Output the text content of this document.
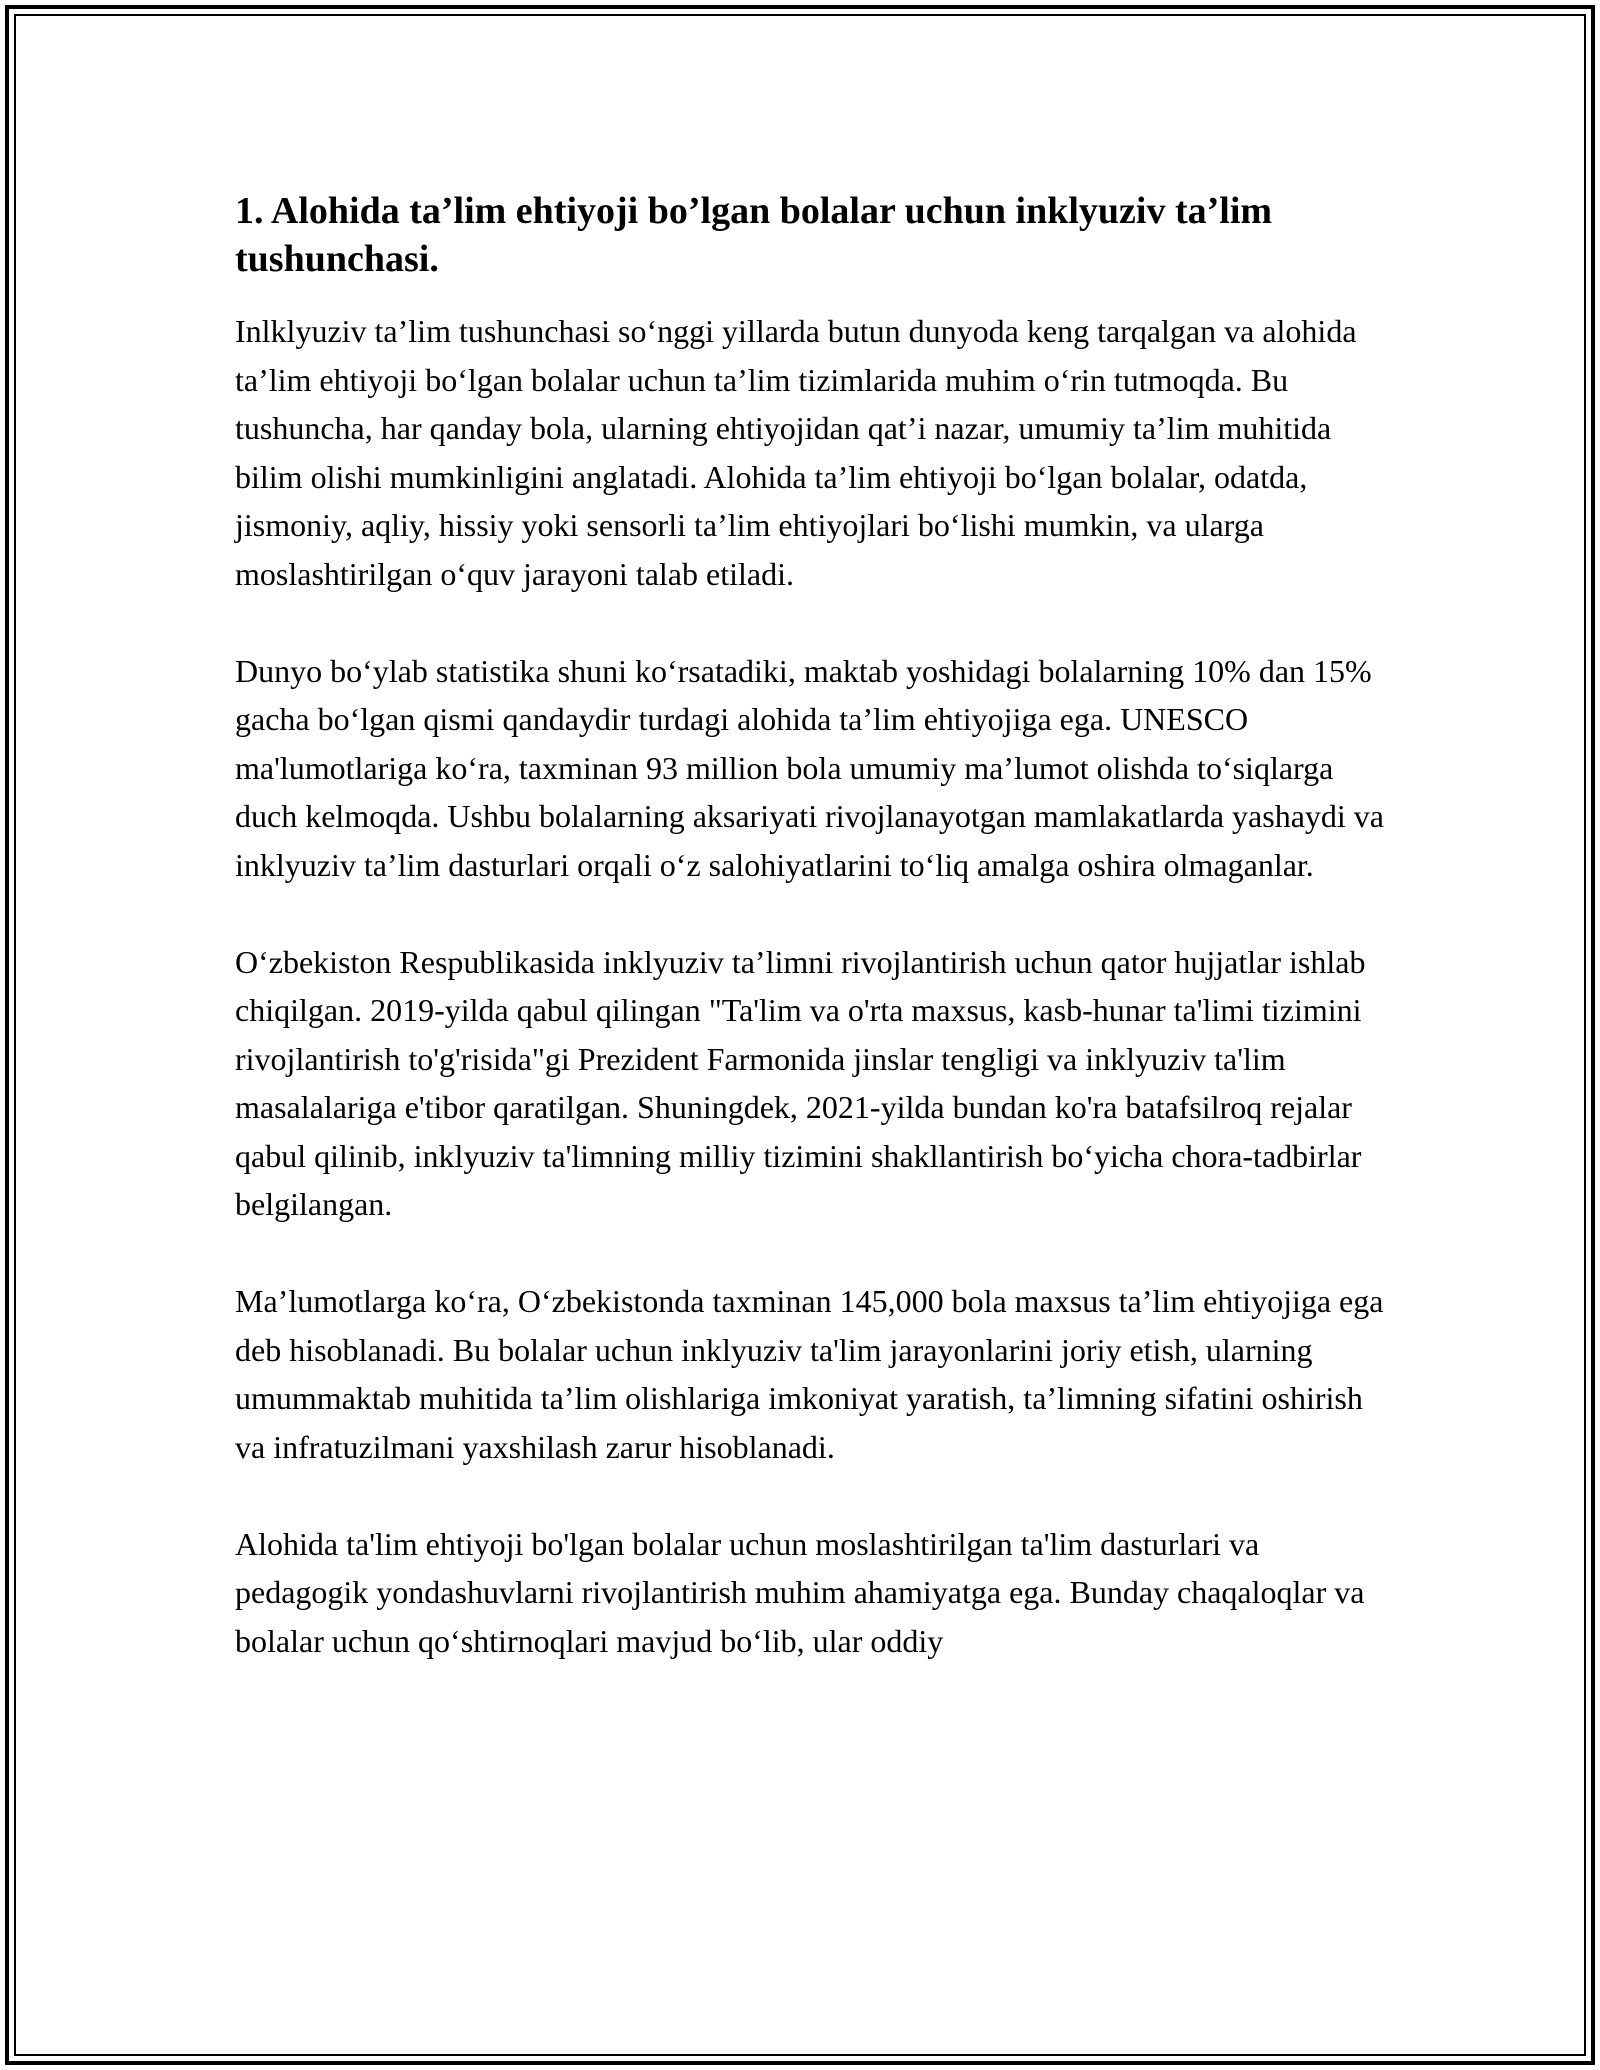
1. Alohida ta’lim ehtiyoji bo’lgan bolalar uchun inklyuziv ta’lim tushunchasi.

Inlklyuziv ta’lim tushunchasi so‘nggi yillarda butun dunyoda keng tarqalgan va alohida ta’lim ehtiyoji bo‘lgan bolalar uchun ta’lim tizimlarida muhim o‘rin tutmoqda. Bu tushuncha, har qanday bola, ularning ehtiyojidan qat’i nazar, umumiy ta’lim muhitida bilim olishi mumkinligini anglatadi. Alohida ta’lim ehtiyoji bo‘lgan bolalar, odatda, jismoniy, aqliy, hissiy yoki sensorli ta’lim ehtiyojlari bo‘lishi mumkin, va ularga moslashtirilgan o‘quv jarayoni talab etiladi.

Dunyo bo‘ylab statistika shuni ko‘rsatadiki, maktab yoshidagi bolalarning 10% dan 15% gacha bo‘lgan qismi qandaydir turdagi alohida ta’lim ehtiyojiga ega. UNESCO ma'lumotlariga ko‘ra, taxminan 93 million bola umumiy ma’lumot olishda to‘siqlarga duch kelmoqda. Ushbu bolalarning aksariyati rivojlanayotgan mamlakatlarda yashaydi va inklyuziv ta’lim dasturlari orqali o‘z salohiyatlarini to‘liq amalga oshira olmaganlar.

O‘zbekiston Respublikasida inklyuziv ta’limni rivojlantirish uchun qator hujjatlar ishlab chiqilgan. 2019-yilda qabul qilingan "Ta'lim va o'rta maxsus, kasb-hunar ta'limi tizimini rivojlantirish to'g'risida"gi Prezident Farmonida jinslar tengligi va inklyuziv ta'lim masalalariga e'tibor qaratilgan. Shuningdek, 2021-yilda bundan ko'ra batafsilroq rejalar qabul qilinib, inklyuziv ta'limning milliy tizimini shakllantirish bo‘yicha chora-tadbirlar belgilangan.

Ma’lumotlarga ko‘ra, O‘zbekistonda taxminan 145,000 bola maxsus ta’lim ehtiyojiga ega deb hisoblanadi. Bu bolalar uchun inklyuziv ta'lim jarayonlarini joriy etish, ularning umummaktab muhitida ta’lim olishlariga imkoniyat yaratish, ta’limning sifatini oshirish va infratuzilmani yaxshilash zarur hisoblanadi.

Alohida ta'lim ehtiyoji bo'lgan bolalar uchun moslashtirilgan ta'lim dasturlari va pedagogik yondashuvlarni rivojlantirish muhim ahamiyatga ega. Bunday chaqaloqlar va bolalar uchun qo‘shtirnoqlari mavjud bo‘lib, ular oddiy
